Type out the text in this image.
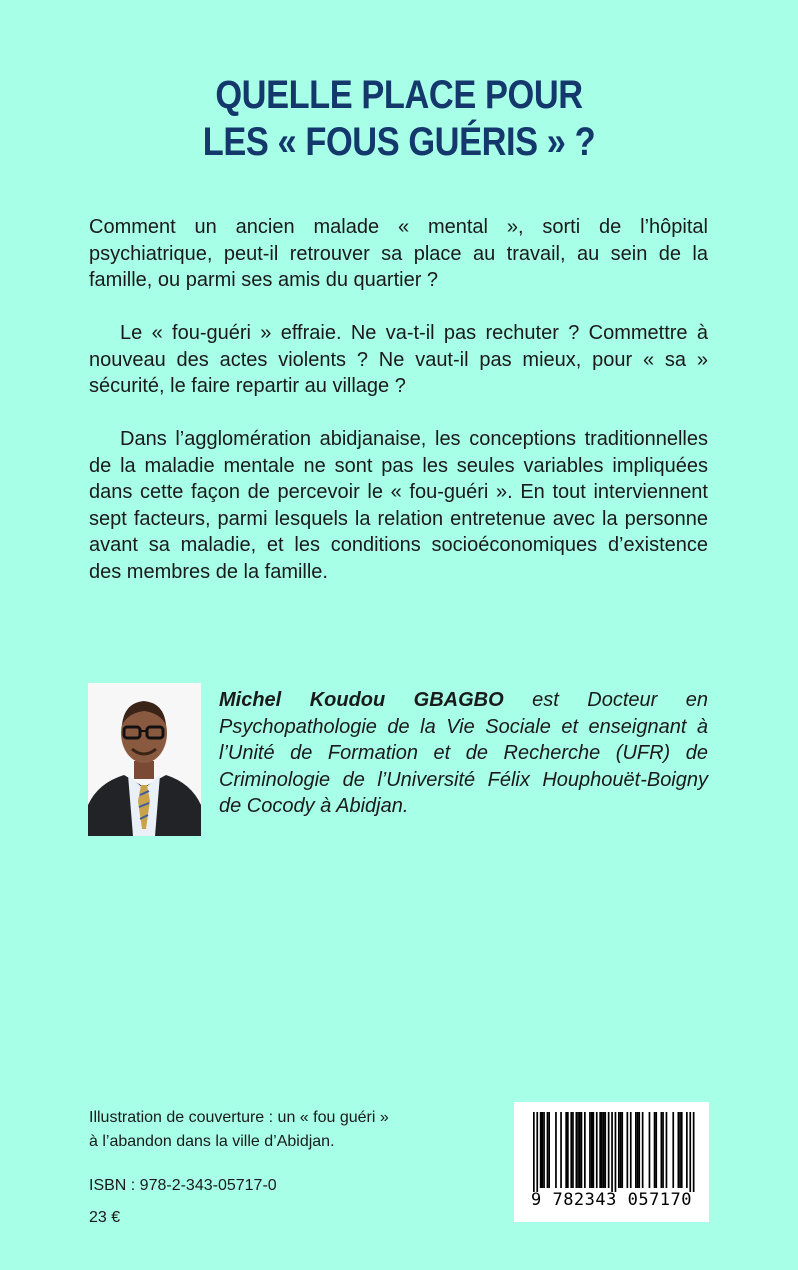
QUELLE PLACE POUR
LES « FOUS GUÉRIS » ?

Comment un ancien malade « mental », sorti de l’hôpital psychiatrique, peut-il retrouver sa place au travail, au sein de la famille, ou parmi ses amis du quartier ?

Le « fou-guéri » effraie. Ne va-t-il pas rechuter ? Commettre à nouveau des actes violents ? Ne vaut-il pas mieux, pour « sa » sécurité, le faire repartir au village ?

Dans l’agglomération abidjanaise, les conceptions traditionnelles de la maladie mentale ne sont pas les seules variables impliquées dans cette façon de percevoir le « fou-guéri ». En tout interviennent sept facteurs, parmi lesquels la relation entretenue avec la personne avant sa maladie, et les conditions socioéconomiques d’existence des membres de la famille.

Michel Koudou GBAGBO est Docteur en Psychopathologie de la Vie Sociale et enseignant à l’Unité de Formation et de Recherche (UFR) de Criminologie de l’Université Félix Houphouët-Boigny de Cocody à Abidjan.

Illustration de couverture : un « fou guéri »
à l’abandon dans la ville d’Abidjan.

ISBN : 978-2-343-05717-0
23 €
9 782343 057170
